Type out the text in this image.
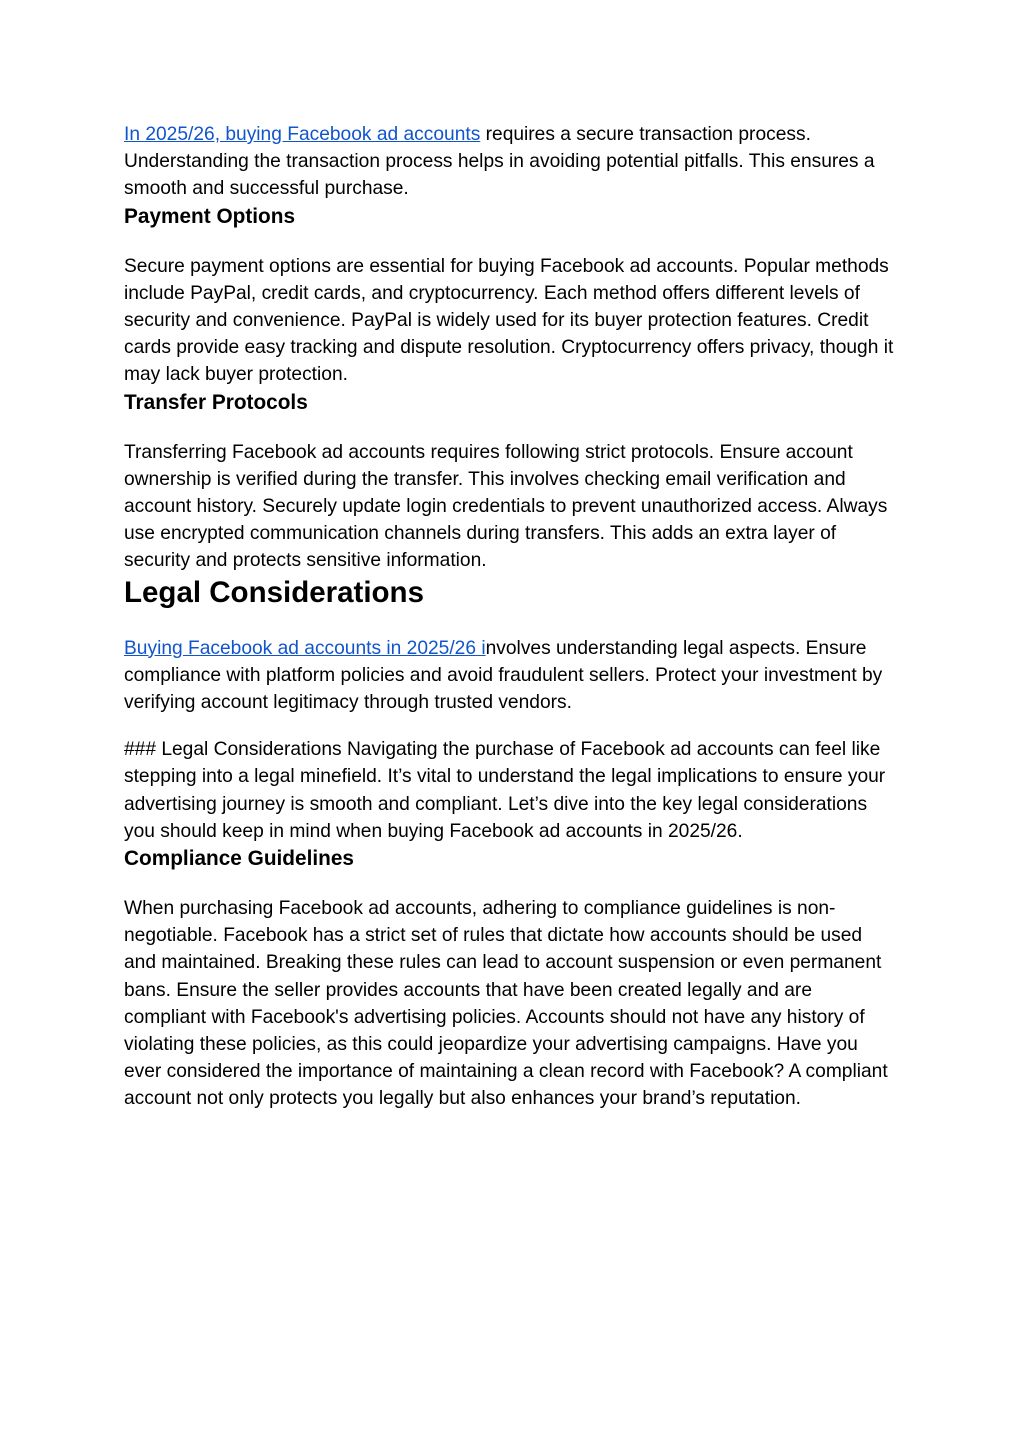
In 2025/26, buying Facebook ad accounts requires a secure transaction process. Understanding the transaction process helps in avoiding potential pitfalls. This ensures a smooth and successful purchase.

Payment Options

Secure payment options are essential for buying Facebook ad accounts. Popular methods include PayPal, credit cards, and cryptocurrency. Each method offers different levels of security and convenience. PayPal is widely used for its buyer protection features. Credit cards provide easy tracking and dispute resolution. Cryptocurrency offers privacy, though it may lack buyer protection.

Transfer Protocols

Transferring Facebook ad accounts requires following strict protocols. Ensure account ownership is verified during the transfer. This involves checking email verification and account history. Securely update login credentials to prevent unauthorized access. Always use encrypted communication channels during transfers. This adds an extra layer of security and protects sensitive information.

Legal Considerations

Buying Facebook ad accounts in 2025/26 involves understanding legal aspects. Ensure compliance with platform policies and avoid fraudulent sellers. Protect your investment by verifying account legitimacy through trusted vendors.

### Legal Considerations Navigating the purchase of Facebook ad accounts can feel like stepping into a legal minefield. It’s vital to understand the legal implications to ensure your advertising journey is smooth and compliant. Let’s dive into the key legal considerations you should keep in mind when buying Facebook ad accounts in 2025/26.

Compliance Guidelines

When purchasing Facebook ad accounts, adhering to compliance guidelines is non-negotiable. Facebook has a strict set of rules that dictate how accounts should be used and maintained. Breaking these rules can lead to account suspension or even permanent bans. Ensure the seller provides accounts that have been created legally and are compliant with Facebook's advertising policies. Accounts should not have any history of violating these policies, as this could jeopardize your advertising campaigns. Have you ever considered the importance of maintaining a clean record with Facebook? A compliant account not only protects you legally but also enhances your brand’s reputation.
